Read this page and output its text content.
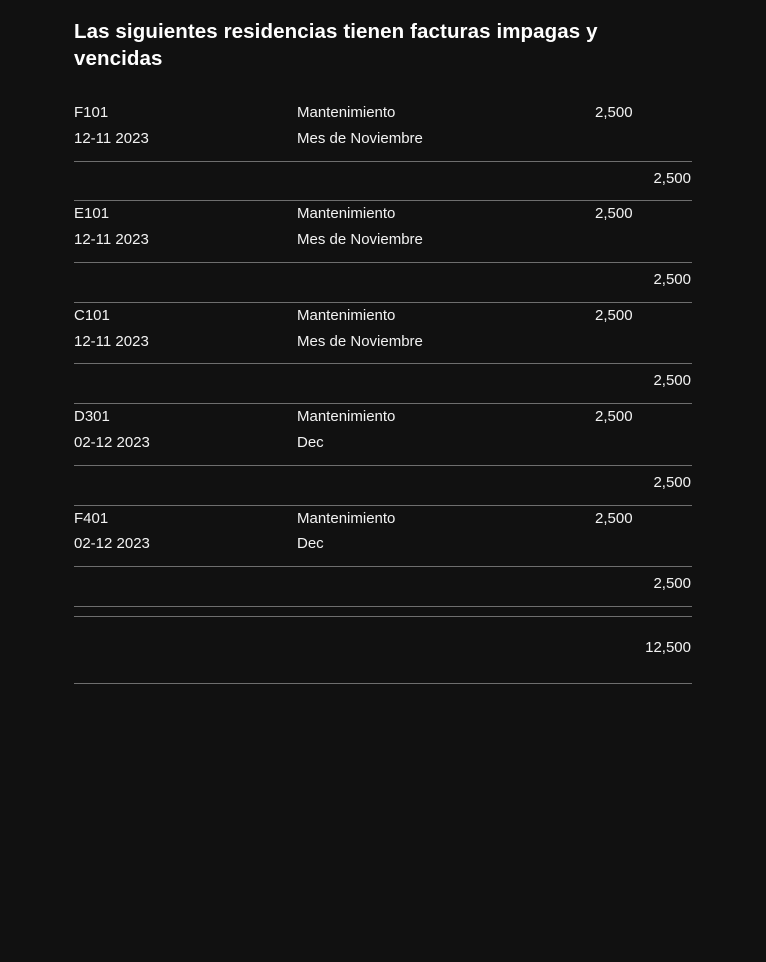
Las siguientes residencias tienen facturas impagas y vencidas
F101
12-11 2023
Mantenimiento
Mes de Noviembre
2,500
2,500
E101
12-11 2023
Mantenimiento
Mes de Noviembre
2,500
2,500
C101
12-11 2023
Mantenimiento
Mes de Noviembre
2,500
2,500
D301
02-12 2023
Mantenimiento
Dec
2,500
2,500
F401
02-12 2023
Mantenimiento
Dec
2,500
2,500
12,500
